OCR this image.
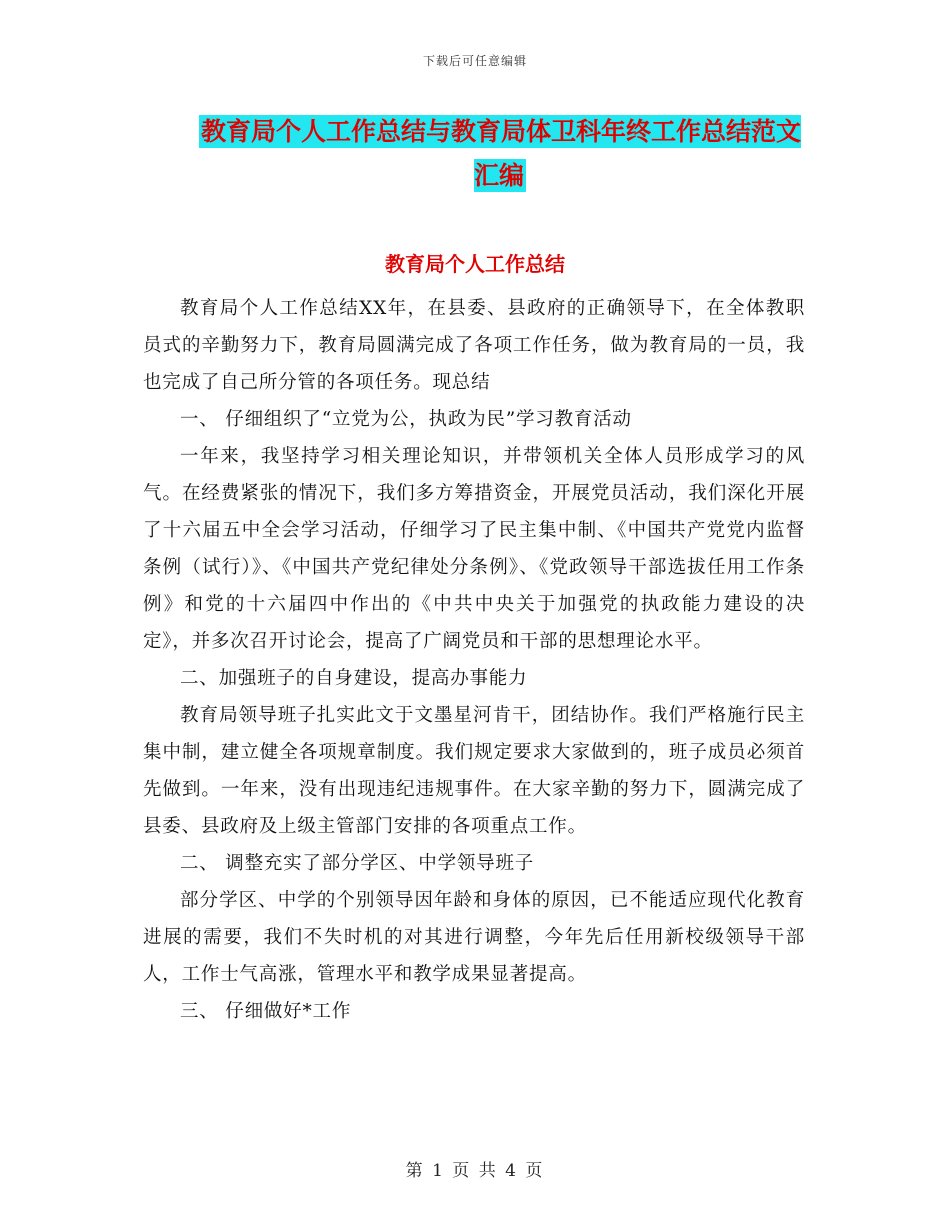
下载后可任意编辑
教育局个人工作总结与教育局体卫科年终工作总结范文汇编
教育局个人工作总结

教育局个人工作总结XX年，在县委、县政府的正确领导下，在全体教职员式的辛勤努力下，教育局圆满完成了各项工作任务，做为教育局的一员，我也完成了自己所分管的各项任务。现总结

一、 仔细组织了“立党为公，执政为民”学习教育活动

一年来，我坚持学习相关理论知识，并带领机关全体人员形成学习的风气。在经费紧张的情况下，我们多方筹措资金，开展党员活动，我们深化开展了十六届五中全会学习活动，仔细学习了民主集中制、《中国共产党党内监督条例（试行）》、《中国共产党纪律处分条例》、《党政领导干部选拔任用工作条例》和党的十六届四中作出的《中共中央关于加强党的执政能力建设的决定》，并多次召开讨论会，提高了广阔党员和干部的思想理论水平。

二、加强班子的自身建设，提高办事能力

教育局领导班子扎实此文于文墨星河肯干，团结协作。我们严格施行民主集中制，建立健全各项规章制度。我们规定要求大家做到的，班子成员必须首先做到。一年来，没有出现违纪违规事件。在大家辛勤的努力下，圆满完成了县委、县政府及上级主管部门安排的各项重点工作。

二、 调整充实了部分学区、中学领导班子

部分学区、中学的个别领导因年龄和身体的原因，已不能适应现代化教育进展的需要，我们不失时机的对其进行调整，今年先后任用新校级领导干部人，工作士气高涨，管理水平和教学成果显著提高。

三、 仔细做好*工作

第 1 页 共 4 页
